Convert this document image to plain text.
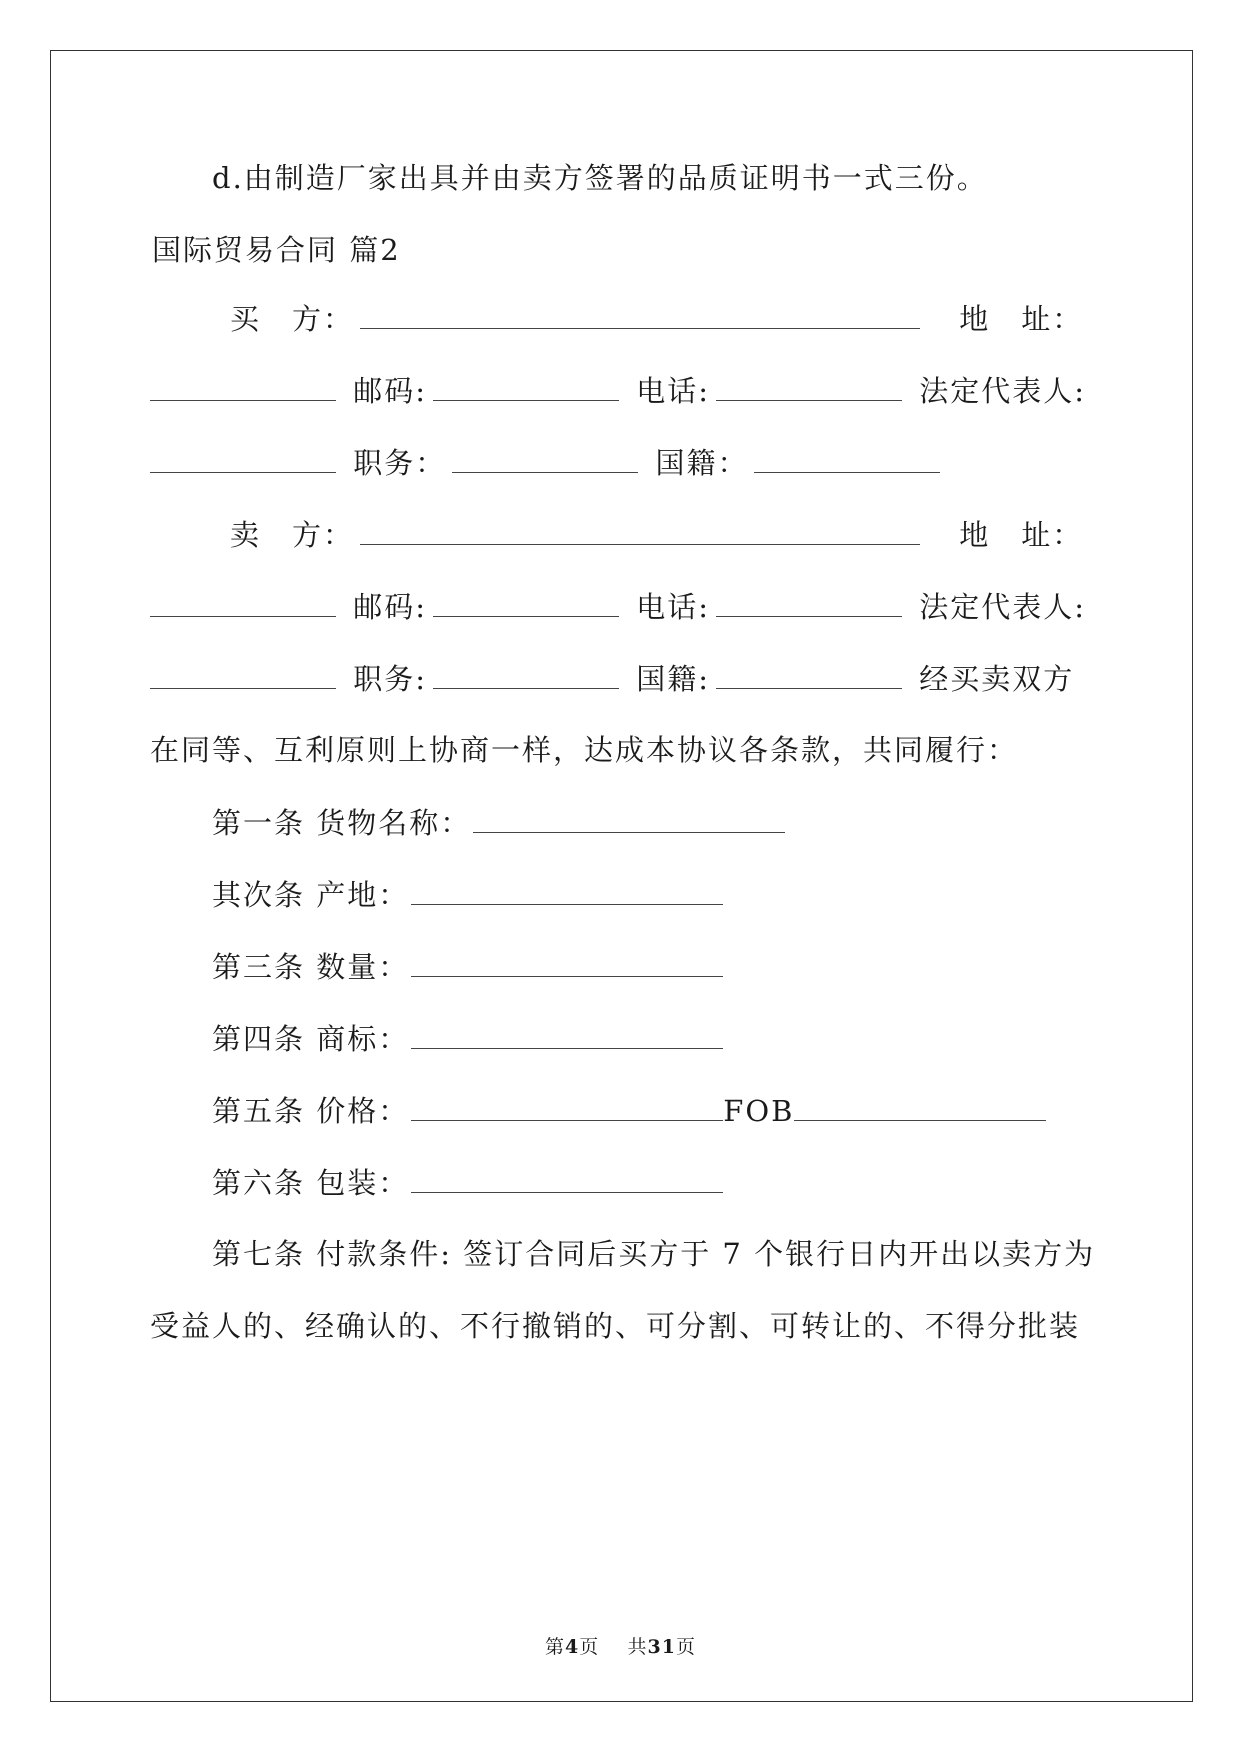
d.由制造厂家出具并由卖方签署的品质证明书一式三份。
国际贸易合同 篇2
买　方：	地　址：
邮码:	电话:	法定代表人:
职务：	国籍：
卖　方：	地　址：
邮码:	电话:	法定代表人:
职务:	国籍:	经买卖双方
在同等、互利原则上协商一样，达成本协议各条款，共同履行：
第一条 货物名称：
其次条 产地：
第三条 数量：
第四条 商标：
第五条 价格：	FOB
第六条 包装：
第七条 付款条件: 签订合同后买方于 7 个银行日内开出以卖方为
受益人的、经确认的、不行撤销的、可分割、可转让的、不得分批装
第4页 共31页
